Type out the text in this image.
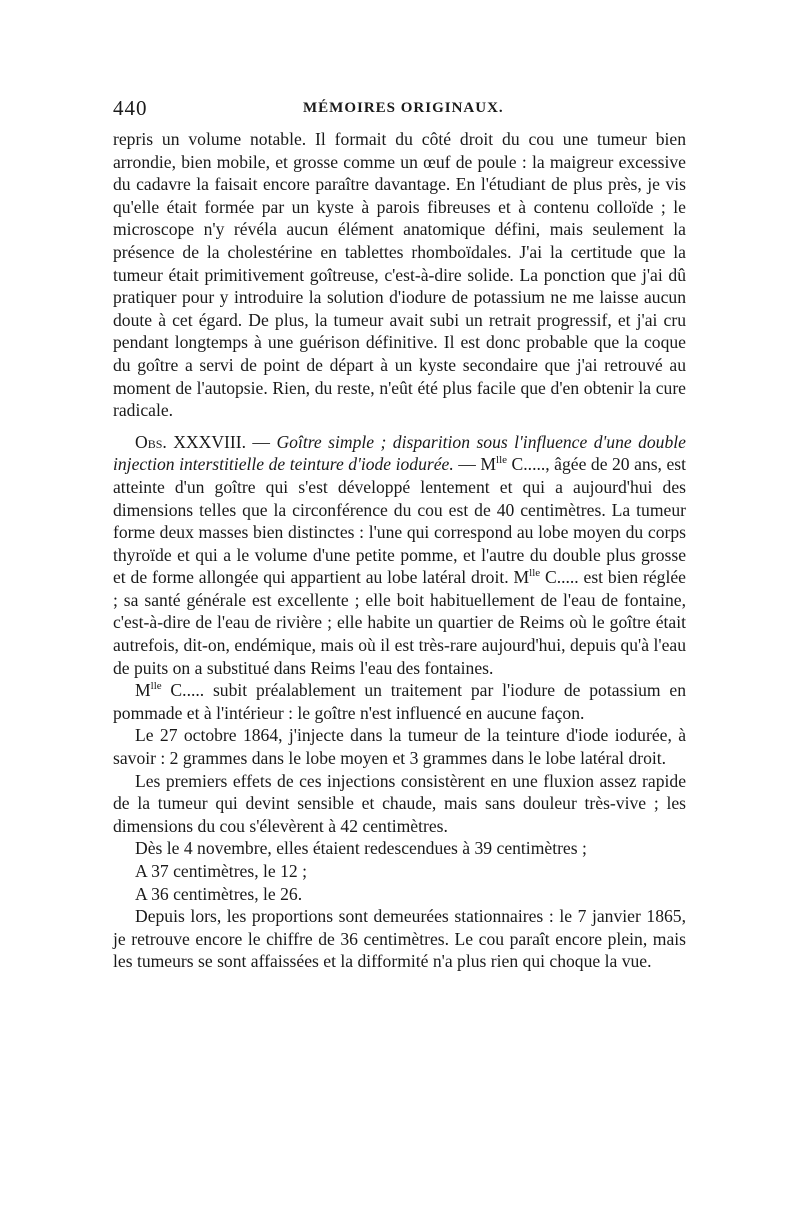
440	MÉMOIRES ORIGINAUX.

repris un volume notable. Il formait du côté droit du cou une tumeur bien arrondie, bien mobile, et grosse comme un œuf de poule : la maigreur excessive du cadavre la faisait encore paraître davantage. En l'étudiant de plus près, je vis qu'elle était formée par un kyste à parois fibreuses et à contenu colloïde ; le microscope n'y révéla aucun élément anatomique défini, mais seulement la présence de la cholestérine en tablettes rhomboïdales. J'ai la certitude que la tumeur était primitivement goîtreuse, c'est-à-dire solide. La ponction que j'ai dû pratiquer pour y introduire la solution d'iodure de potassium ne me laisse aucun doute à cet égard. De plus, la tumeur avait subi un retrait progressif, et j'ai cru pendant longtemps à une guérison définitive. Il est donc probable que la coque du goître a servi de point de départ à un kyste secondaire que j'ai retrouvé au moment de l'autopsie. Rien, du reste, n'eût été plus facile que d'en obtenir la cure radicale.

Obs. XXXVIII. — Goître simple ; disparition sous l'influence d'une double injection interstitielle de teinture d'iode iodurée. — $M^{lle}$ C....., âgée de 20 ans, est atteinte d'un goître qui s'est développé lentement et qui a aujourd'hui des dimensions telles que la circonférence du cou est de 40 centimètres. La tumeur forme deux masses bien distinctes : l'une qui correspond au lobe moyen du corps thyroïde et qui a le volume d'une petite pomme, et l'autre du double plus grosse et de forme allongée qui appartient au lobe latéral droit. $M^{lle}$ C..... est bien réglée ; sa santé générale est excellente ; elle boit habituellement de l'eau de fontaine, c'est-à-dire de l'eau de rivière ; elle habite un quartier de Reims où le goître était autrefois, dit-on, endémique, mais où il est très-rare aujourd'hui, depuis qu'à l'eau de puits on a substitué dans Reims l'eau des fontaines.

$M^{lle}$ C..... subit préalablement un traitement par l'iodure de potassium en pommade et à l'intérieur : le goître n'est influencé en aucune façon.

Le 27 octobre 1864, j'injecte dans la tumeur de la teinture d'iode iodurée, à savoir : 2 grammes dans le lobe moyen et 3 grammes dans le lobe latéral droit.

Les premiers effets de ces injections consistèrent en une fluxion assez rapide de la tumeur qui devint sensible et chaude, mais sans douleur très-vive ; les dimensions du cou s'élevèrent à 42 centimètres.

Dès le 4 novembre, elles étaient redescendues à 39 centimètres ;

A 37 centimètres, le 12 ;

A 36 centimètres, le 26.

Depuis lors, les proportions sont demeurées stationnaires : le 7 janvier 1865, je retrouve encore le chiffre de 36 centimètres. Le cou paraît encore plein, mais les tumeurs se sont affaissées et la difformité n'a plus rien qui choque la vue.
